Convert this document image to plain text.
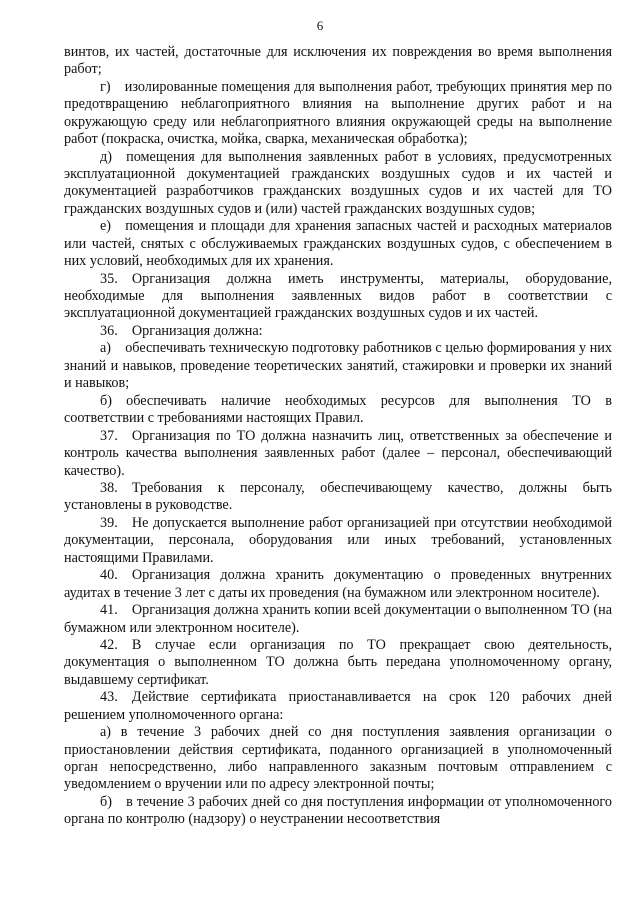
6

винтов, их частей, достаточные для исключения их повреждения во время выполнения работ;

г) изолированные помещения для выполнения работ, требующих принятия мер по предотвращению неблагоприятного влияния на выполнение других работ и на окружающую среду или неблагоприятного влияния окружающей среды на выполнение работ (покраска, очистка, мойка, сварка, механическая обработка);

д) помещения для выполнения заявленных работ в условиях, предусмотренных эксплуатационной документацией гражданских воздушных судов и их частей и документацией разработчиков гражданских воздушных судов и их частей для ТО гражданских воздушных судов и (или) частей гражданских воздушных судов;

е) помещения и площади для хранения запасных частей и расходных материалов или частей, снятых с обслуживаемых гражданских воздушных судов, с обеспечением в них условий, необходимых для их хранения.

35. Организация должна иметь инструменты, материалы, оборудование, необходимые для выполнения заявленных видов работ в соответствии с эксплуатационной документацией гражданских воздушных судов и их частей.

36. Организация должна:

а) обеспечивать техническую подготовку работников с целью формирования у них знаний и навыков, проведение теоретических занятий, стажировки и проверки их знаний и навыков;

б) обеспечивать наличие необходимых ресурсов для выполнения ТО в соответствии с требованиями настоящих Правил.

37. Организация по ТО должна назначить лиц, ответственных за обеспечение и контроль качества выполнения заявленных работ (далее – персонал, обеспечивающий качество).

38. Требования к персоналу, обеспечивающему качество, должны быть установлены в руководстве.

39. Не допускается выполнение работ организацией при отсутствии необходимой документации, персонала, оборудования или иных требований, установленных настоящими Правилами.

40. Организация должна хранить документацию о проведенных внутренних аудитах в течение 3 лет с даты их проведения (на бумажном или электронном носителе).

41. Организация должна хранить копии всей документации о выполненном ТО (на бумажном или электронном носителе).

42. В случае если организация по ТО прекращает свою деятельность, документация о выполненном ТО должна быть передана уполномоченному органу, выдавшему сертификат.

43. Действие сертификата приостанавливается на срок 120 рабочих дней решением уполномоченного органа:

а) в течение 3 рабочих дней со дня поступления заявления организации о приостановлении действия сертификата, поданного организацией в уполномоченный орган непосредственно, либо направленного заказным почтовым отправлением с уведомлением о вручении или по адресу электронной почты;

б) в течение 3 рабочих дней со дня поступления информации от уполномоченного органа по контролю (надзору) о неустранении несоответствия
